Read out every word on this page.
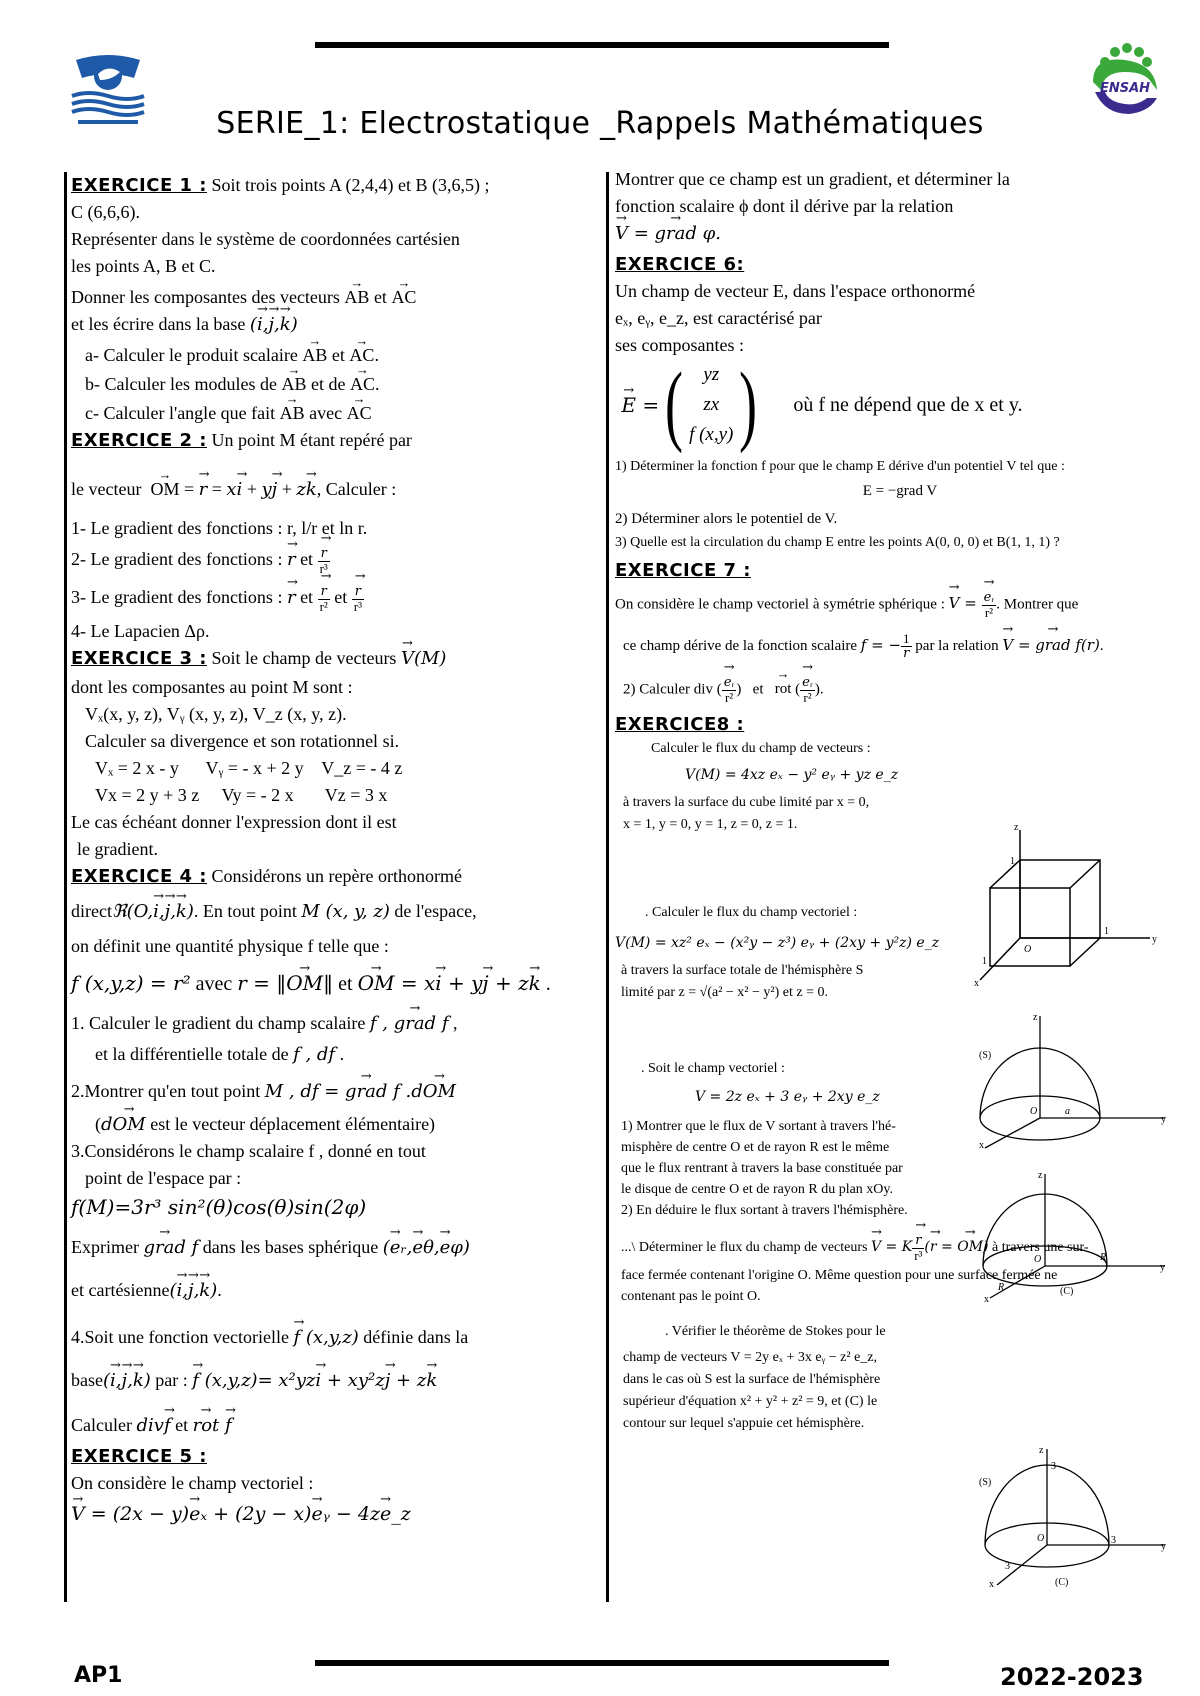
ENSAH
SERIE_1: Electrostatique _Rappels Mathématiques
EXERCICE 1 : Soit trois points A (2,4,4) et B (3,6,5) ;
C (6,6,6).
Représenter dans le système de coordonnées cartésien
les points A, B et C.
Donner les composantes des vecteurs → AB et → AC
et les écrire dans la base (→ i,→ j,→ k)
a- Calculer le produit scalaire → AB et → AC.
b- Calculer les modules de → AB et de → AC.
c- Calculer l'angle que fait → AB avec → AC
EXERCICE 2 : Un point M étant repéré par
le vecteur  → OM = → r = x→ i + y→ j + z→ k, Calculer :
1- Le gradient des fonctions : r, l/r et ln r.
2- Le gradient des fonctions : → r et
→ $\frac{r}{\text{r³}}$
3- Le gradient des fonctions : → r et
→ $\frac{r}{\text{r²}}$ et
→ $\frac{r}{\text{r³}}$
4- Le Lapacien Δρ.
EXERCICE 3 : Soit le champ de vecteurs → V(M)
dont les composantes au point M sont :
Vₓ(x, y, z), Vᵧ (x, y, z), V_z (x, y, z).
Calculer sa divergence et son rotationnel si.
Vₓ = 2 x - y      Vᵧ = - x + 2 y    V_z = - 4 z
Vx = 2 y + 3 z     Vy = - 2 x       Vz = 3 x
Le cas échéant donner l'expression dont il est
le gradient.
EXERCICE 4 : Considérons un repère orthonormé
directℜ(O,→ i,→ j,→ k). En tout point M (x, y, z) de l'espace,
on définit une quantité physique f telle que :
f (x,y,z) = r² avec r = ‖→ OM‖ et → OM = x→ i + y→ j + z→ k .
1. Calculer le gradient du champ scalaire f , → grad f ,
et la différentielle totale de f , df .
2.Montrer qu'en tout point M , df = → grad f .d→ OM
(d→ OM est le vecteur déplacement élémentaire)
3.Considérons le champ scalaire f , donné en tout
point de l'espace par :
f(M)=3r³ sin²(θ)cos(θ)sin(2φ)
Exprimer → grad f dans les bases sphérique (→ eᵣ,→ eθ,→ eφ)
et cartésienne(→ i,→ j,→ k).
4.Soit une fonction vectorielle → f (x,y,z) définie dans la
base(→ i,→ j,→ k) par : → f (x,y,z)= x²yz→ i + xy²z→ j + z→ k
Calculer div→ f et → rot → f
EXERCICE 5 :
On considère le champ vectoriel :
→ V = (2x − y)→ eₓ + (2y − x)→ eᵧ − 4z→ e_z
Montrer que ce champ est un gradient, et déterminer la
fonction scalaire ϕ dont il dérive par la relation
→ V = → grad φ.
EXERCICE 6:
Un champ de vecteur E, dans l'espace orthonormé
eₓ, eᵧ, e_z, est caractérisé par
ses composantes :
→ E = ( yz
zx
f (x,y) ) où f ne dépend que de x et y.
1) Déterminer la fonction f pour que le champ E dérive d'un potentiel V tel que :
E = −grad V
2) Déterminer alors le potentiel de V.
3) Quelle est la circulation du champ E entre les points A(0, 0, 0) et B(1, 1, 1) ?
EXERCICE 7 :
On considère le champ vectoriel à symétrie sphérique : → V =
→ $\frac{\text{eᵣ}}{\text{r²}}$ . Montrer que
ce champ dérive de la fonction scalaire f = − $\frac{1}{r}$ par la relation → V = → grad f(r).
2) Calculer div (
→ $\frac{\text{eᵣ}}{\text{r²}}$ )   et   → rot (
→ $\frac{\text{eᵣ}}{\text{r²}}$ ).
EXERCICE8 :
Calculer le flux du champ de vecteurs :
V(M) = 4xz eₓ − y² eᵧ + yz e_z
à travers la surface du cube limité par x = 0,
x = 1, y = 0, y = 1, z = 0, z = 1.
. Calculer le flux du champ vectoriel :
V(M) = xz² eₓ − (x²y − z³) eᵧ + (2xy + y²z) e_z
à travers la surface totale de l'hémisphère S
limité par z = √(a² − x² − y²) et z = 0.
. Soit le champ vectoriel :
V = 2z eₓ + 3 eᵧ + 2xy e_z
1) Montrer que le flux de V sortant à travers l'hé-
misphère de centre O et de rayon R est le même
que le flux rentrant à travers la base constituée par
le disque de centre O et de rayon R du plan xOy.
2) En déduire le flux sortant à travers l'hémisphère.
...\ Déterminer le flux du champ de vecteurs → V = K
→ $\frac{r}{\text{r³}}$ (→ r = → OM) à travers une sur-
face fermée contenant l'origine O. Même question pour une surface fermée ne
contenant pas le point O.
. Vérifier le théorème de Stokes pour le
champ de vecteurs V = 2y eₓ + 3x eᵧ − z² e_z,
dans le cas où S est la surface de l'hémisphère
supérieur d'équation x² + y² + z² = 9, et (C) le
contour sur lequel s'appuie cet hémisphère.
z
y
x
O
1
1
1
z
y
x
O	a
(S)
z
y
x
O	R
R	(C)
z
y
x
O
3
3
3
(S)
(C)
AP1	2022-2023
